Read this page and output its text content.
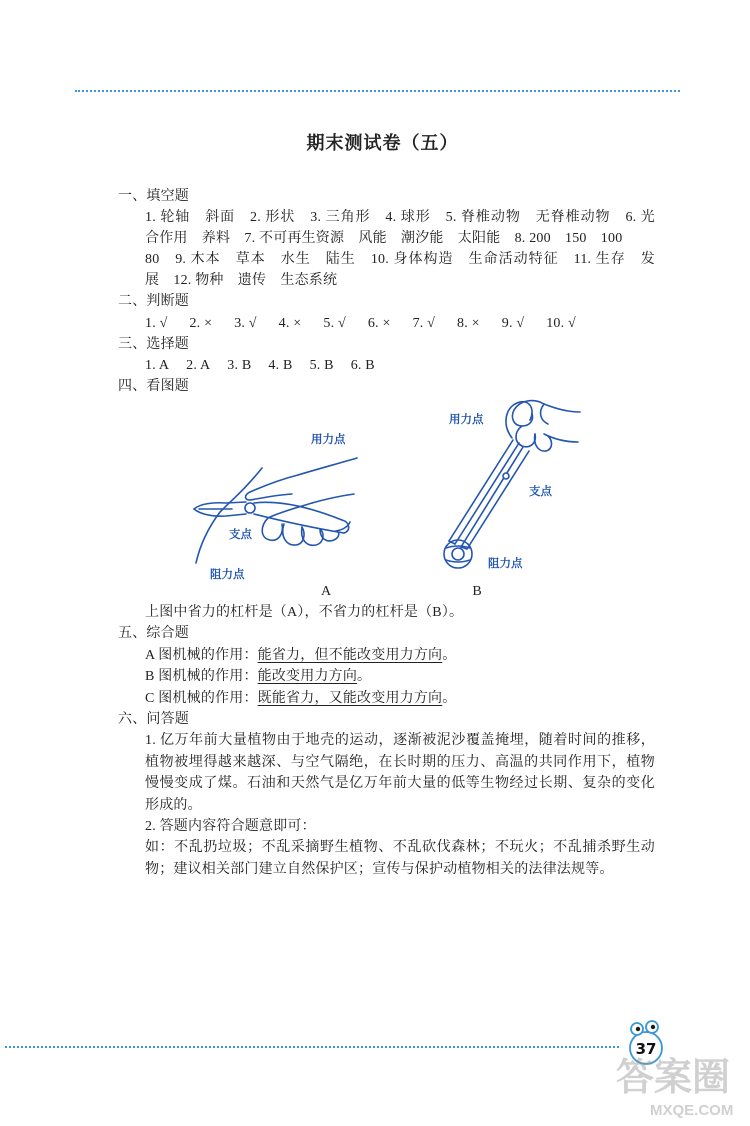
期末测试卷（五）
一、填空题
1. 轮轴　斜面　2. 形状　3. 三角形　4. 球形　5. 脊椎动物　无脊椎动物　6. 光
合作用　养料　7. 不可再生资源　风能　潮汐能　太阳能　8. 200　150　100
80　9. 木本　草本　水生　陆生　10. 身体构造　生命活动特征　11. 生存　发
展　12. 物种　遗传　生态系统
二、判断题
1. √ 2. × 3. √ 4. × 5. √ 6. × 7. √ 8. × 9. √ 10. √
三、选择题
1. A 2. A 3. B 4. B 5. B 6. B
四、看图题
用力点
支点
阻力点
A
用力点
支点
阻力点
B
上图中省力的杠杆是（A），不省力的杠杆是（B）。
五、综合题
A 图机械的作用：能省力，但不能改变用力方向。
B 图机械的作用：能改变用力方向。
C 图机械的作用：既能省力，又能改变用力方向。
六、问答题
1. 亿万年前大量植物由于地壳的运动，逐渐被泥沙覆盖掩埋，随着时间的推移，
植物被埋得越来越深、与空气隔绝，在长时期的压力、高温的共同作用下，植物
慢慢变成了煤。石油和天然气是亿万年前大量的低等生物经过长期、复杂的变化
形成的。
2. 答题内容符合题意即可：
如：不乱扔垃圾；不乱采摘野生植物、不乱砍伐森林；不玩火；不乱捕杀野生动
物；建议相关部门建立自然保护区；宣传与保护动植物相关的法律法规等。
37
答案圈
MXQE.COM
